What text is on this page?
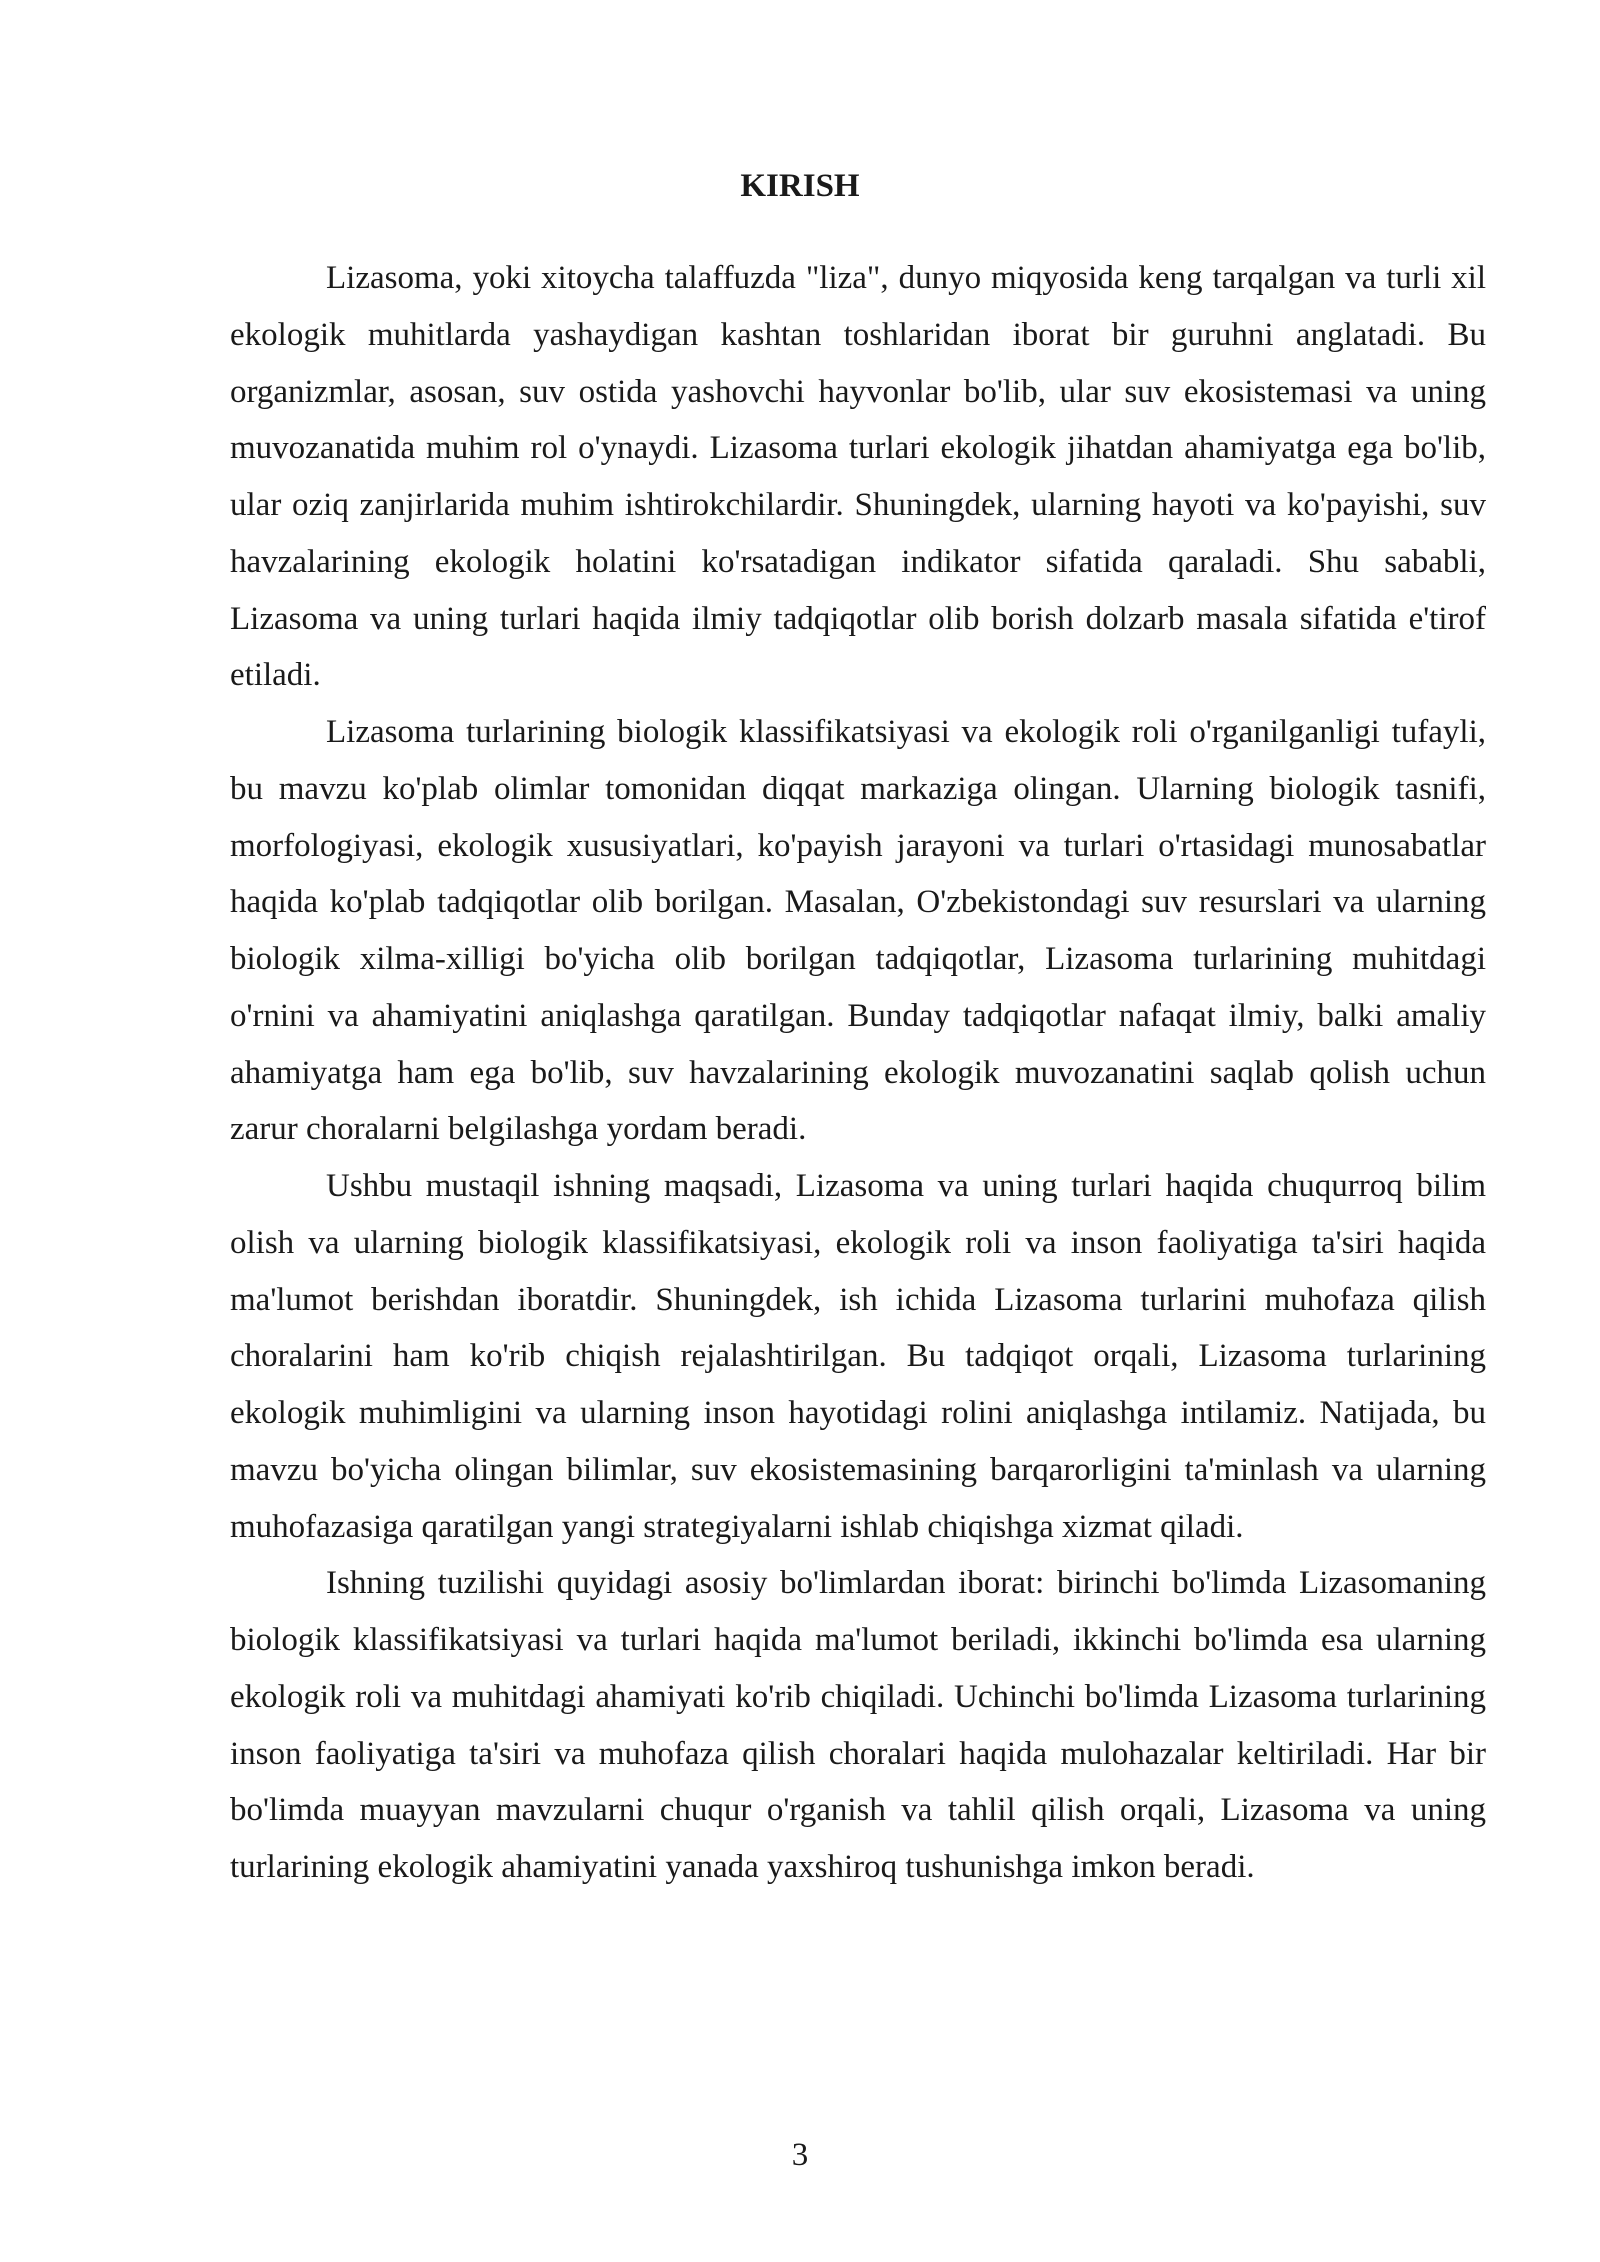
KIRISH

Lizasoma, yoki xitoycha talaffuzda "liza", dunyo miqyosida keng tarqalgan va turli xil ekologik muhitlarda yashaydigan kashtan toshlaridan iborat bir guruhni anglatadi. Bu organizmlar, asosan, suv ostida yashovchi hayvonlar bo'lib, ular suv ekosistemasi va uning muvozanatida muhim rol o'ynaydi. Lizasoma turlari ekologik jihatdan ahamiyatga ega bo'lib, ular oziq zanjirlarida muhim ishtirokchilardir. Shuningdek, ularning hayoti va ko'payishi, suv havzalarining ekologik holatini ko'rsatadigan indikator sifatida qaraladi. Shu sababli, Lizasoma va uning turlari haqida ilmiy tadqiqotlar olib borish dolzarb masala sifatida e'tirof etiladi.

Lizasoma turlarining biologik klassifikatsiyasi va ekologik roli o'rganilganligi tufayli, bu mavzu ko'plab olimlar tomonidan diqqat markaziga olingan. Ularning biologik tasnifi, morfologiyasi, ekologik xususiyatlari, ko'payish jarayoni va turlari o'rtasidagi munosabatlar haqida ko'plab tadqiqotlar olib borilgan. Masalan, O'zbekistondagi suv resurslari va ularning biologik xilma-xilligi bo'yicha olib borilgan tadqiqotlar, Lizasoma turlarining muhitdagi o'rnini va ahamiyatini aniqlashga qaratilgan. Bunday tadqiqotlar nafaqat ilmiy, balki amaliy ahamiyatga ham ega bo'lib, suv havzalarining ekologik muvozanatini saqlab qolish uchun zarur choralarni belgilashga yordam beradi.

Ushbu mustaqil ishning maqsadi, Lizasoma va uning turlari haqida chuqurroq bilim olish va ularning biologik klassifikatsiyasi, ekologik roli va inson faoliyatiga ta'siri haqida ma'lumot berishdan iboratdir. Shuningdek, ish ichida Lizasoma turlarini muhofaza qilish choralarini ham ko'rib chiqish rejalashtirilgan. Bu tadqiqot orqali, Lizasoma turlarining ekologik muhimligini va ularning inson hayotidagi rolini aniqlashga intilamiz. Natijada, bu mavzu bo'yicha olingan bilimlar, suv ekosistemasining barqarorligini ta'minlash va ularning muhofazasiga qaratilgan yangi strategiyalarni ishlab chiqishga xizmat qiladi.

Ishning tuzilishi quyidagi asosiy bo'limlardan iborat: birinchi bo'limda Lizasomaning biologik klassifikatsiyasi va turlari haqida ma'lumot beriladi, ikkinchi bo'limda esa ularning ekologik roli va muhitdagi ahamiyati ko'rib chiqiladi. Uchinchi bo'limda Lizasoma turlarining inson faoliyatiga ta'siri va muhofaza qilish choralari haqida mulohazalar keltiriladi. Har bir bo'limda muayyan mavzularni chuqur o'rganish va tahlil qilish orqali, Lizasoma va uning turlarining ekologik ahamiyatini yanada yaxshiroq tushunishga imkon beradi.

3
